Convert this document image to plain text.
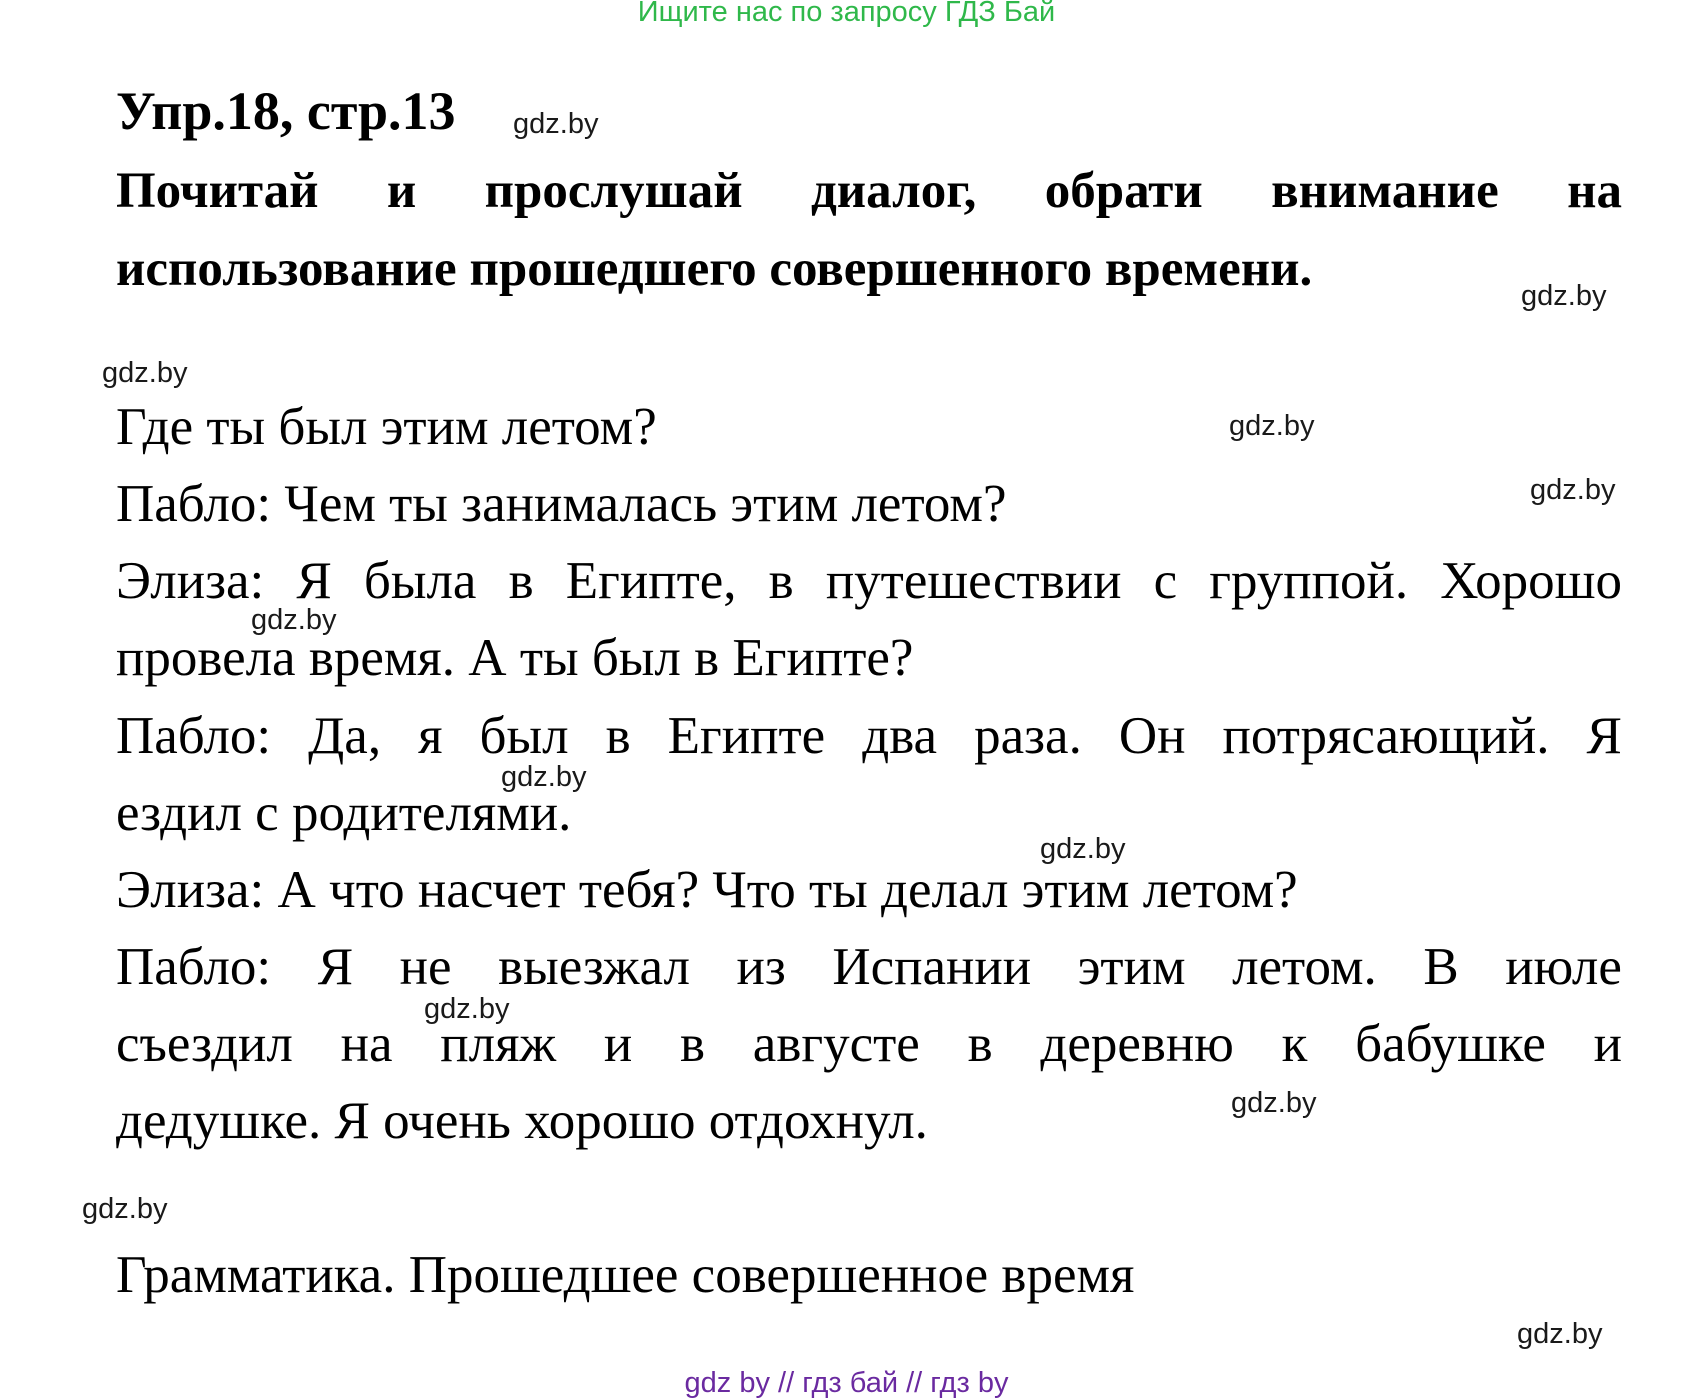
Ищите нас по запросу ГДЗ Бай
Упр.18, стр.13
Почитай и прослушай диалог, обрати внимание на
использование прошедшего совершенного времени.
Где ты был этим летом?
Пабло: Чем ты занималась этим летом?
Элиза: Я была в Египте, в путешествии с группой. Хорошо
провела время. А ты был в Египте?
Пабло: Да, я был в Египте два раза. Он потрясающий. Я
ездил с родителями.
Элиза: А что насчет тебя? Что ты делал этим летом?
Пабло: Я не выезжал из Испании этим летом. В июле
съездил на пляж и в августе в деревню к бабушке и
дедушке. Я очень хорошо отдохнул.
Грамматика. Прошедшее совершенное время
gdz.by
gdz.by
gdz.by
gdz.by
gdz.by
gdz.by
gdz.by
gdz.by
gdz.by
gdz.by
gdz.by
gdz.by
gdz by // гдз бай // гдз by
